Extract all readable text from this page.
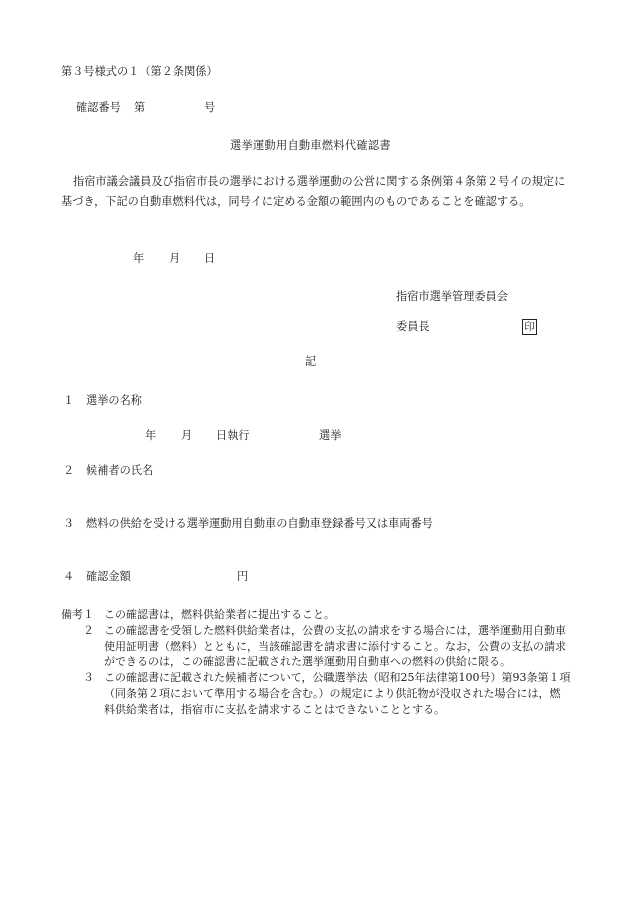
第３号様式の１（第２条関係）
確認番号 第	号
選挙運動用自動車燃料代確認書
指宿市議会議員及び指宿市長の選挙における選挙運動の公営に関する条例第４条第２号イの規定に基づき，下記の自動車燃料代は，同号イに定める金額の範囲内のものであることを確認する。
年 月 日
指宿市選挙管理委員会
委員長	印
記
１ 選挙の名称
年 月 日執行	選挙
２ 候補者の氏名
３ 燃料の供給を受ける選挙運動用自動車の自動車登録番号又は車両番号
４ 確認金額	円
備考１ この確認書は，燃料供給業者に提出すること。
２ この確認書を受領した燃料供給業者は，公費の支払の請求をする場合には，選挙運動用自動車使用証明書（燃料）とともに，当該確認書を請求書に添付すること。なお，公費の支払の請求ができるのは，この確認書に記載された選挙運動用自動車への燃料の供給に限る。
３ この確認書に記載された候補者について，公職選挙法（昭和25年法律第100号）第93条第１項（同条第２項において準用する場合を含む。）の規定により供託物が没収された場合には，燃料供給業者は，指宿市に支払を請求することはできないこととする。
